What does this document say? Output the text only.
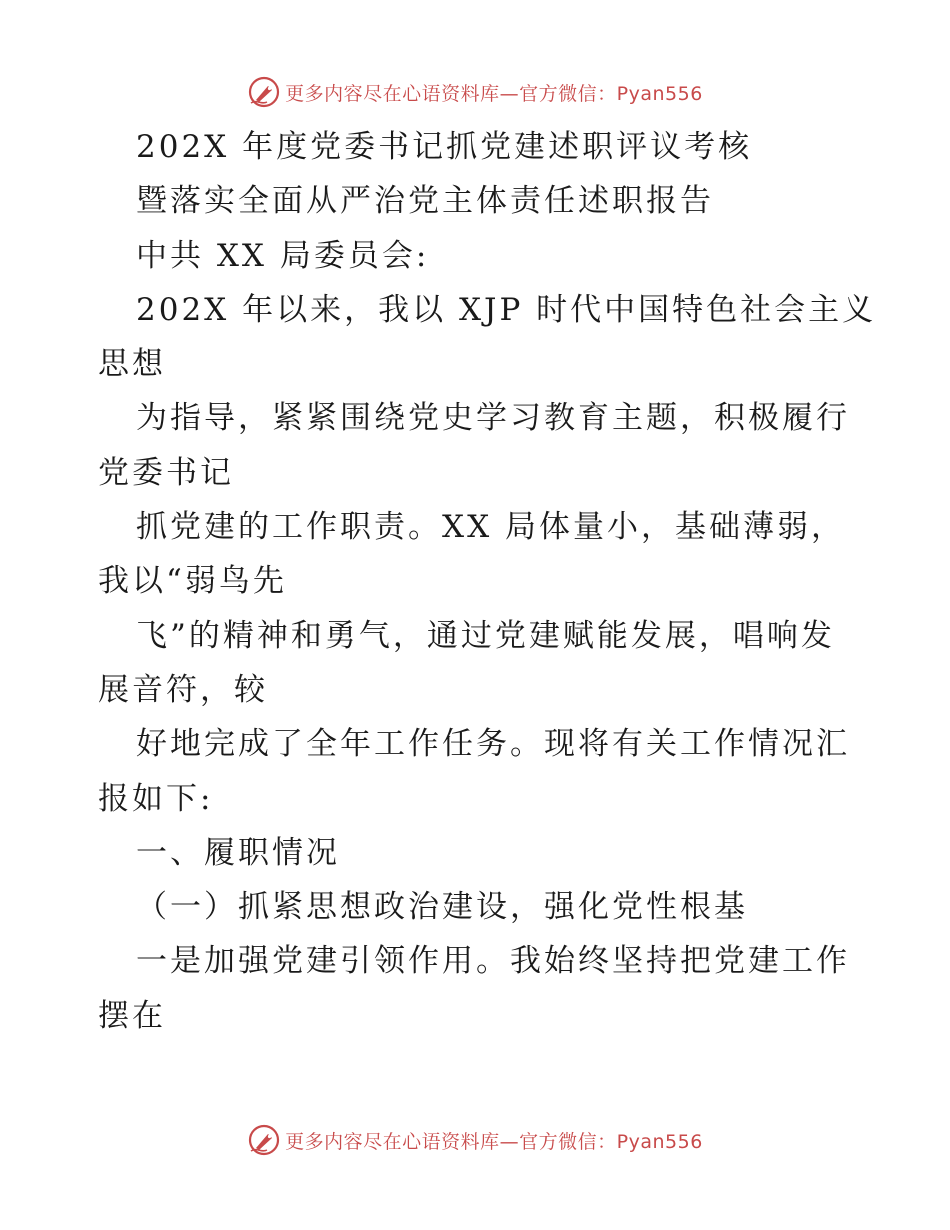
更多内容尽在心语资料库—官方微信：Pyan556
202X 年度党委书记抓党建述职评议考核
暨落实全面从严治党主体责任述职报告
中共 XX 局委员会:
202X 年以来，我以 XJP 时代中国特色社会主义
思想
为指导，紧紧围绕党史学习教育主题，积极履行
党委书记
抓党建的工作职责。XX 局体量小，基础薄弱，
我以“弱鸟先
飞”的精神和勇气，通过党建赋能发展，唱响发
展音符，较
好地完成了全年工作任务。现将有关工作情况汇
报如下:
一、履职情况
（一）抓紧思想政治建设，强化党性根基
一是加强党建引领作用。我始终坚持把党建工作
摆在
更多内容尽在心语资料库—官方微信：Pyan556
